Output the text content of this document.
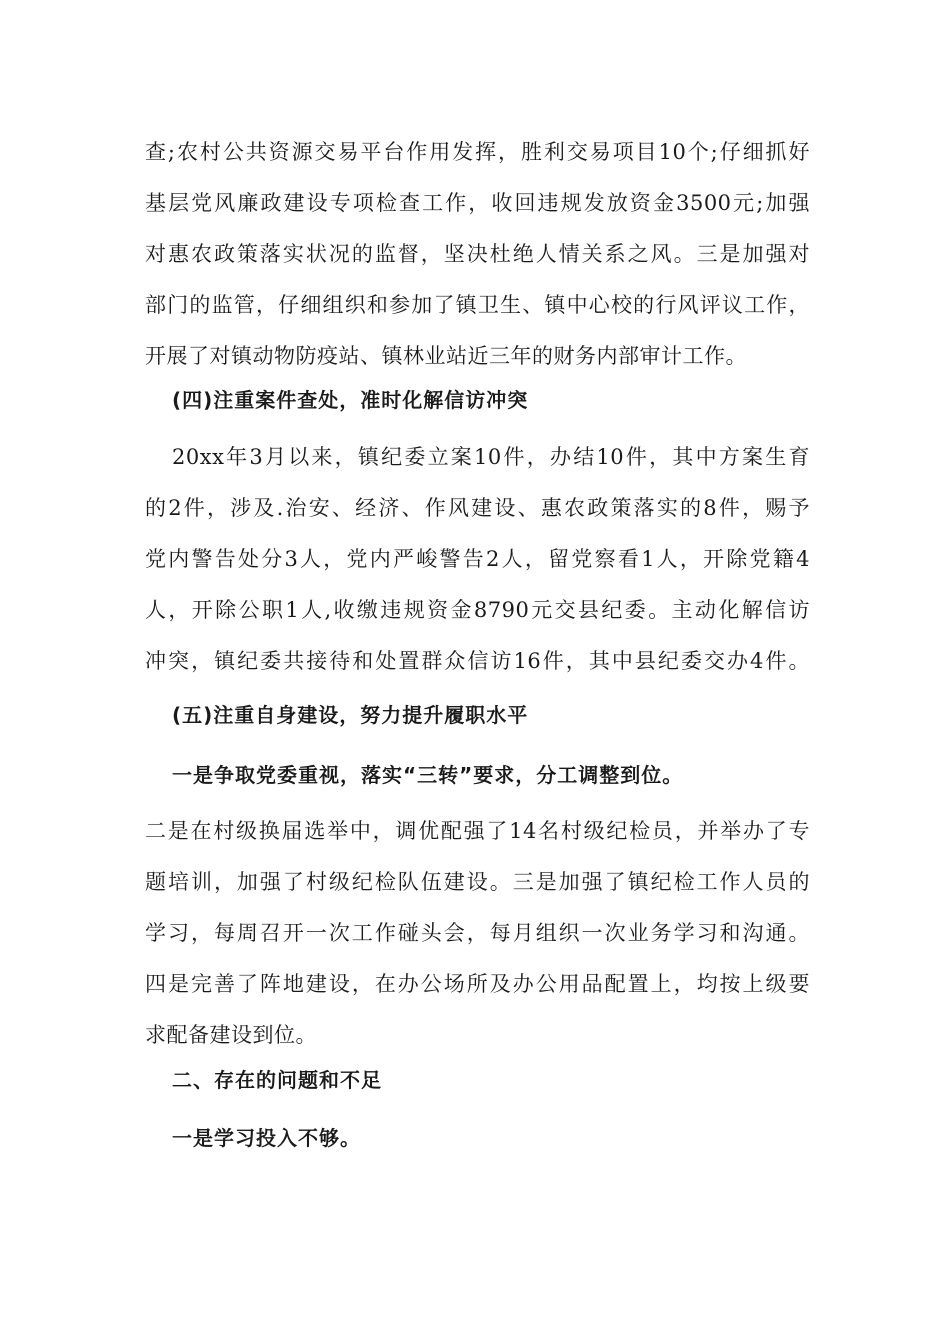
查;农村公共资源交易平台作用发挥，胜利交易项目10个;仔细抓好
基层党风廉政建设专项检查工作，收回违规发放资金3500元;加强
对惠农政策落实状况的监督，坚决杜绝人情关系之风。三是加强对
部门的监管，仔细组织和参加了镇卫生、镇中心校的行风评议工作，
开展了对镇动物防疫站、镇林业站近三年的财务内部审计工作。
(四)注重案件查处，准时化解信访冲突
20xx年3月以来，镇纪委立案10件，办结10件，其中方案生育
的2件，涉及.治安、经济、作风建设、惠农政策落实的8件，赐予
党内警告处分3人，党内严峻警告2人，留党察看1人，开除党籍4
人，开除公职1人,收缴违规资金8790元交县纪委。主动化解信访
冲突，镇纪委共接待和处置群众信访16件，其中县纪委交办4件。
(五)注重自身建设，努力提升履职水平
一是争取党委重视，落实“三转”要求，分工调整到位。
二是在村级换届选举中，调优配强了14名村级纪检员，并举办了专
题培训，加强了村级纪检队伍建设。三是加强了镇纪检工作人员的
学习，每周召开一次工作碰头会，每月组织一次业务学习和沟通。
四是完善了阵地建设，在办公场所及办公用品配置上，均按上级要
求配备建设到位。
二、存在的问题和不足
一是学习投入不够。
